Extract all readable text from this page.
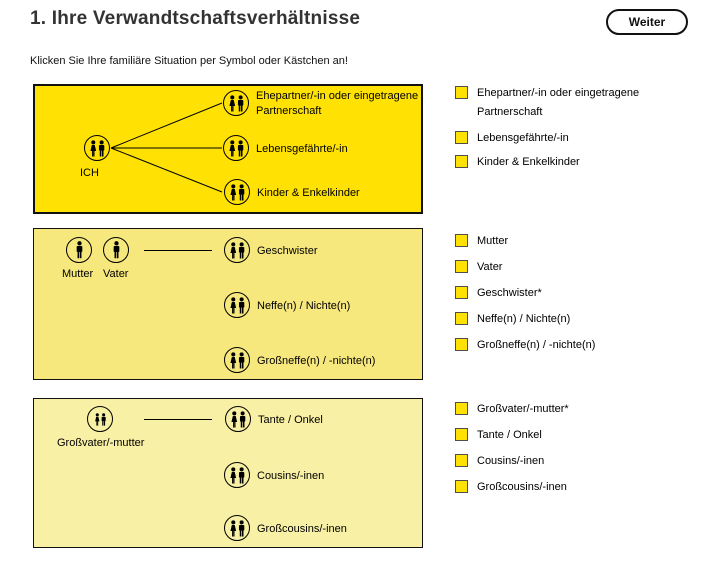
1. Ihre Verwandtschaftsverhältnisse	Weiter
Klicken Sie Ihre familiäre Situation per Symbol oder Kästchen an!
ICH
Ehepartner/-in oder eingetragene Partnerschaft
Lebensgefährte/-in
Kinder & Enkelkinder
Mutter Vater
Geschwister
Neffe(n) / Nichte(n)
Großneffe(n) / -nichte(n)
Großvater/-mutter
Tante / Onkel
Cousins/-inen
Großcousins/-inen
Ehepartner/-in oder eingetragene Partnerschaft
Lebensgefährte/-in
Kinder & Enkelkinder
Mutter
Vater
Geschwister*
Neffe(n) / Nichte(n)
Großneffe(n) / -nichte(n)
Großvater/-mutter*
Tante / Onkel
Cousins/-inen
Großcousins/-inen
